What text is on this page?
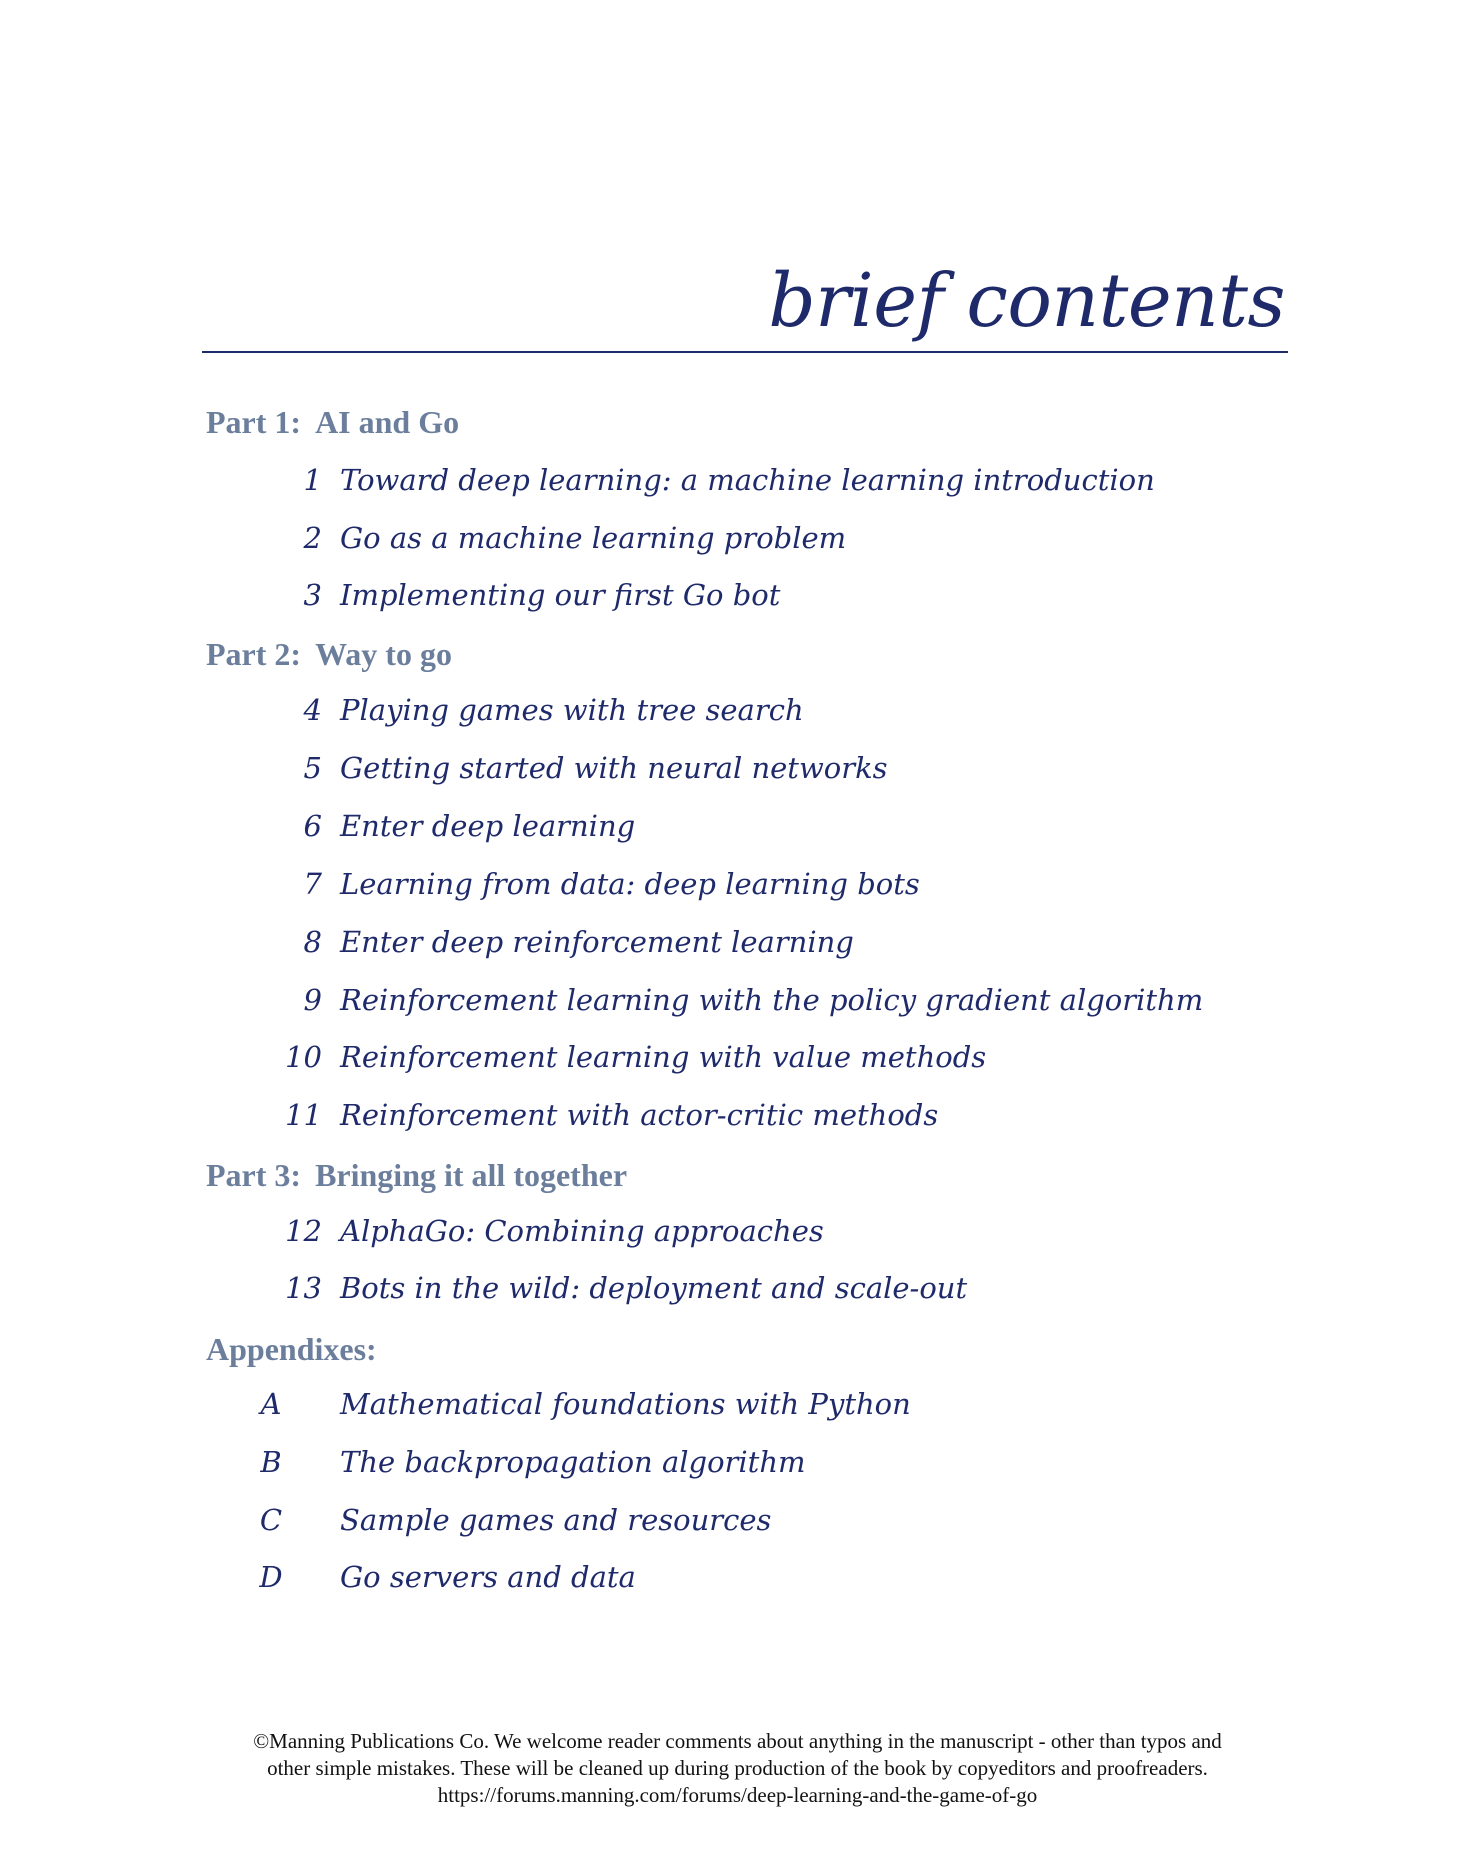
brief contents
Part 1: AI and Go
1 Toward deep learning: a machine learning introduction
2 Go as a machine learning problem
3 Implementing our first Go bot
Part 2: Way to go
4 Playing games with tree search
5 Getting started with neural networks
6 Enter deep learning
7 Learning from data: deep learning bots
8 Enter deep reinforcement learning
9 Reinforcement learning with the policy gradient algorithm
10 Reinforcement learning with value methods
11 Reinforcement with actor-critic methods
Part 3: Bringing it all together
12 AlphaGo: Combining approaches
13 Bots in the wild: deployment and scale-out
Appendixes:
A Mathematical foundations with Python
B The backpropagation algorithm
C Sample games and resources
D Go servers and data
©Manning Publications Co. We welcome reader comments about anything in the manuscript - other than typos and
other simple mistakes. These will be cleaned up during production of the book by copyeditors and proofreaders.
https://forums.manning.com/forums/deep-learning-and-the-game-of-go
